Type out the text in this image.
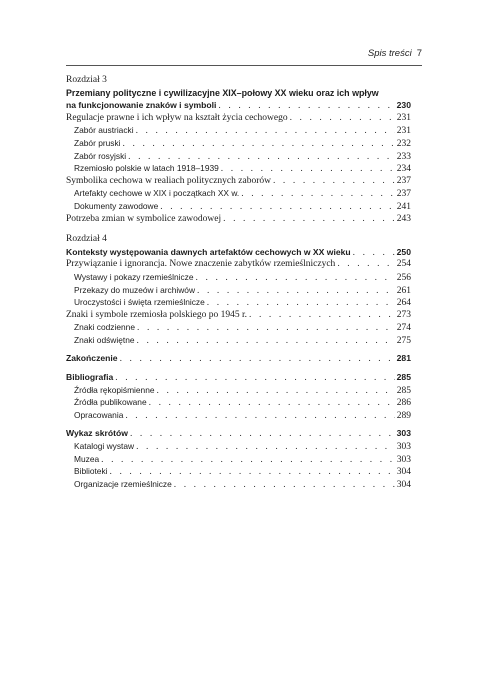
Spis treści 7
Rozdział 3
Przemiany polityczne i cywilizacyjne XIX–połowy XX wieku oraz ich wpływ
na funkcjonowanie znaków i symboli . . .	230
Regulacje prawne i ich wpływ na kształt życia cechowego . . .	231
Zabór austriacki . . .	231
Zabór pruski . . .	232
Zabór rosyjski . . .	233
Rzemiosło polskie w latach 1918–1939 . . .	234
Symbolika cechowa w realiach politycznych zaborów . . .	237
Artefakty cechowe w XIX i początkach XX w. . . .	237
Dokumenty zawodowe . . .	241
Potrzeba zmian w symbolice zawodowej . . .	243
Rozdział 4
Konteksty występowania dawnych artefaktów cechowych w XX wieku . . .	250
Przywiązanie i ignorancja. Nowe znaczenie zabytków rzemieślniczych . . .	254
Wystawy i pokazy rzemieślnicze . . .	256
Przekazy do muzeów i archiwów . . .	261
Uroczystości i święta rzemieślnicze . . .	264
Znaki i symbole rzemiosła polskiego po 1945 r. . . .	273
Znaki codzienne . . .	274
Znaki odświętne . . .	275
Zakończenie . . .	281
Bibliografia . . .	285
Źródła rękopiśmienne . . .	285
Źródła publikowane . . .	286
Opracowania . . .	289
Wykaz skrótów . . .	303
Katalogi wystaw . . .	303
Muzea . . .	303
Biblioteki . . .	304
Organizacje rzemieślnicze . . .	304
